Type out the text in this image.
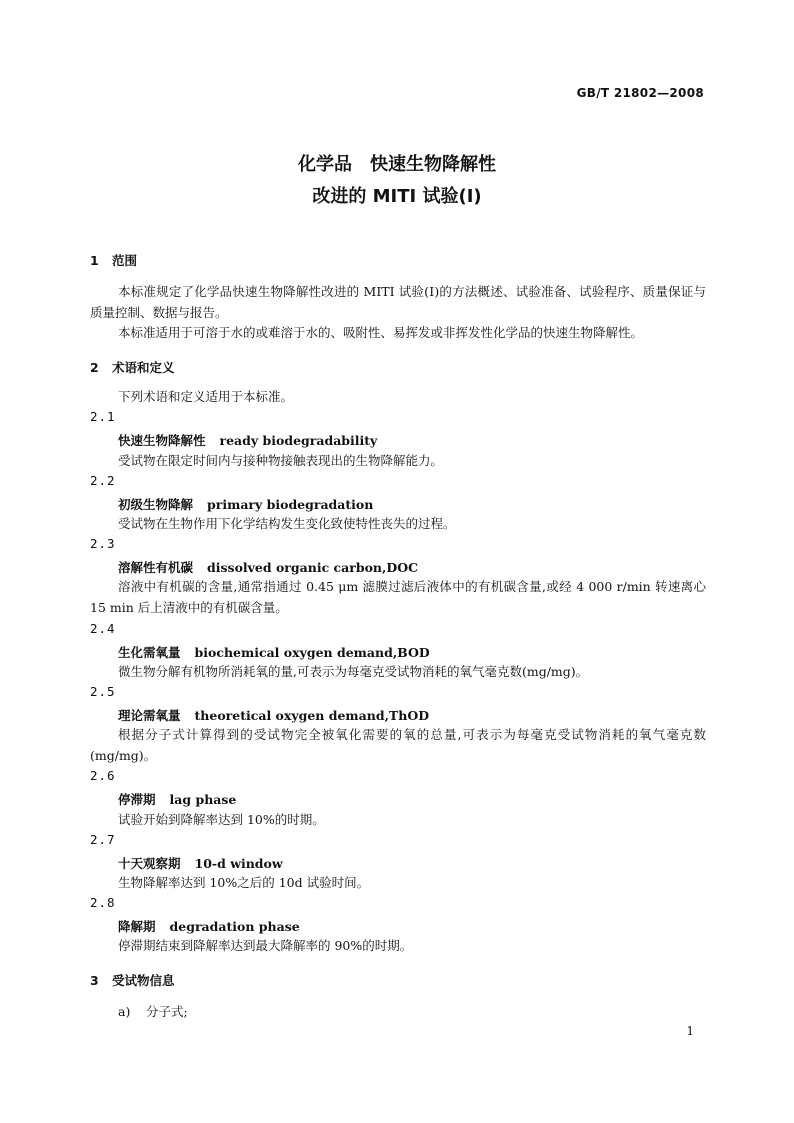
GB/T 21802—2008
化学品　快速生物降解性
改进的 MITI 试验(Ⅰ)
1 范围
本标准规定了化学品快速生物降解性改进的 MITI 试验(Ⅰ)的方法概述、试验准备、试验程序、质量保证与质量控制、数据与报告。
本标准适用于可溶于水的或难溶于水的、吸附性、易挥发或非挥发性化学品的快速生物降解性。
2 术语和定义
下列术语和定义适用于本标准。
2.1
快速生物降解性 ready biodegradability
受试物在限定时间内与接种物接触表现出的生物降解能力。
2.2
初级生物降解 primary biodegradation
受试物在生物作用下化学结构发生变化致使特性丧失的过程。
2.3
溶解性有机碳 dissolved organic carbon,DOC
溶液中有机碳的含量,通常指通过 0.45 μm 滤膜过滤后液体中的有机碳含量,或经 4 000 r/min 转速离心 15 min 后上清液中的有机碳含量。
2.4
生化需氧量 biochemical oxygen demand,BOD
微生物分解有机物所消耗氧的量,可表示为每毫克受试物消耗的氧气毫克数(mg/mg)。
2.5
理论需氧量 theoretical oxygen demand,ThOD
根据分子式计算得到的受试物完全被氧化需要的氧的总量,可表示为每毫克受试物消耗的氧气毫克数(mg/mg)。
2.6
停滞期 lag phase
试验开始到降解率达到 10%的时期。
2.7
十天观察期 10-d window
生物降解率达到 10%之后的 10d 试验时间。
2.8
降解期 degradation phase
停滞期结束到降解率达到最大降解率的 90%的时期。
3 受试物信息
a) 分子式;
1
